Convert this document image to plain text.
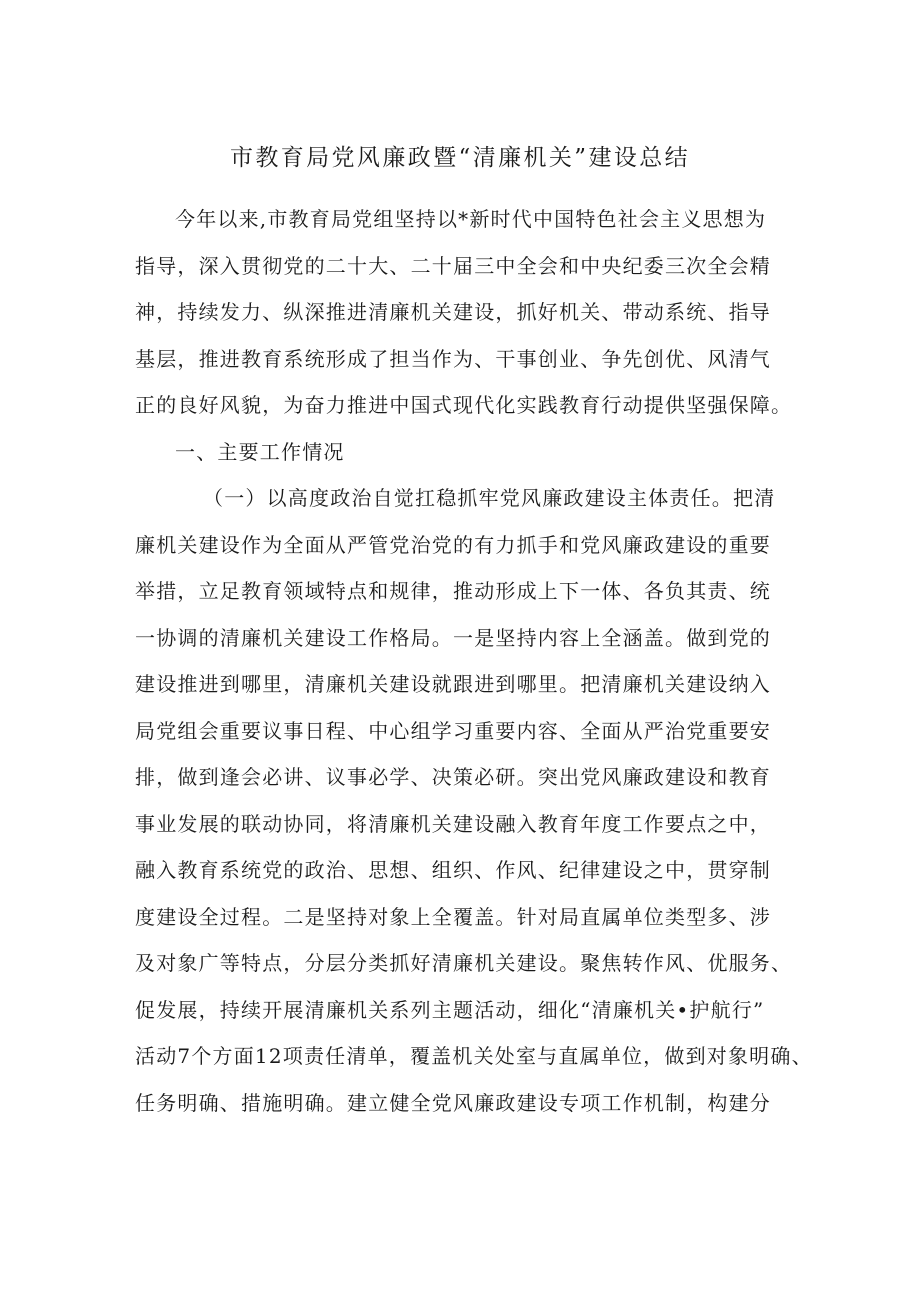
市教育局党风廉政暨“清廉机关”建设总结
今年以来,市教育局党组坚持以*新时代中国特色社会主义思想为
指导，深入贯彻党的二十大、二十届三中全会和中央纪委三次全会精
神，持续发力、纵深推进清廉机关建设，抓好机关、带动系统、指导
基层，推进教育系统形成了担当作为、干事创业、争先创优、风清气
正的良好风貌，为奋力推进中国式现代化实践教育行动提供坚强保障。
一、主要工作情况
（一）以高度政治自觉扛稳抓牢党风廉政建设主体责任。把清
廉机关建设作为全面从严管党治党的有力抓手和党风廉政建设的重要
举措，立足教育领域特点和规律，推动形成上下一体、各负其责、统
一协调的清廉机关建设工作格局。一是坚持内容上全涵盖。做到党的
建设推进到哪里，清廉机关建设就跟进到哪里。把清廉机关建设纳入
局党组会重要议事日程、中心组学习重要内容、全面从严治党重要安
排，做到逢会必讲、议事必学、决策必研。突出党风廉政建设和教育
事业发展的联动协同，将清廉机关建设融入教育年度工作要点之中，
融入教育系统党的政治、思想、组织、作风、纪律建设之中，贯穿制
度建设全过程。二是坚持对象上全覆盖。针对局直属单位类型多、涉
及对象广等特点，分层分类抓好清廉机关建设。聚焦转作风、优服务、
促发展，持续开展清廉机关系列主题活动，细化“清廉机关•护航行”
活动7个方面12项责任清单，覆盖机关处室与直属单位，做到对象明确、
任务明确、措施明确。建立健全党风廉政建设专项工作机制，构建分
